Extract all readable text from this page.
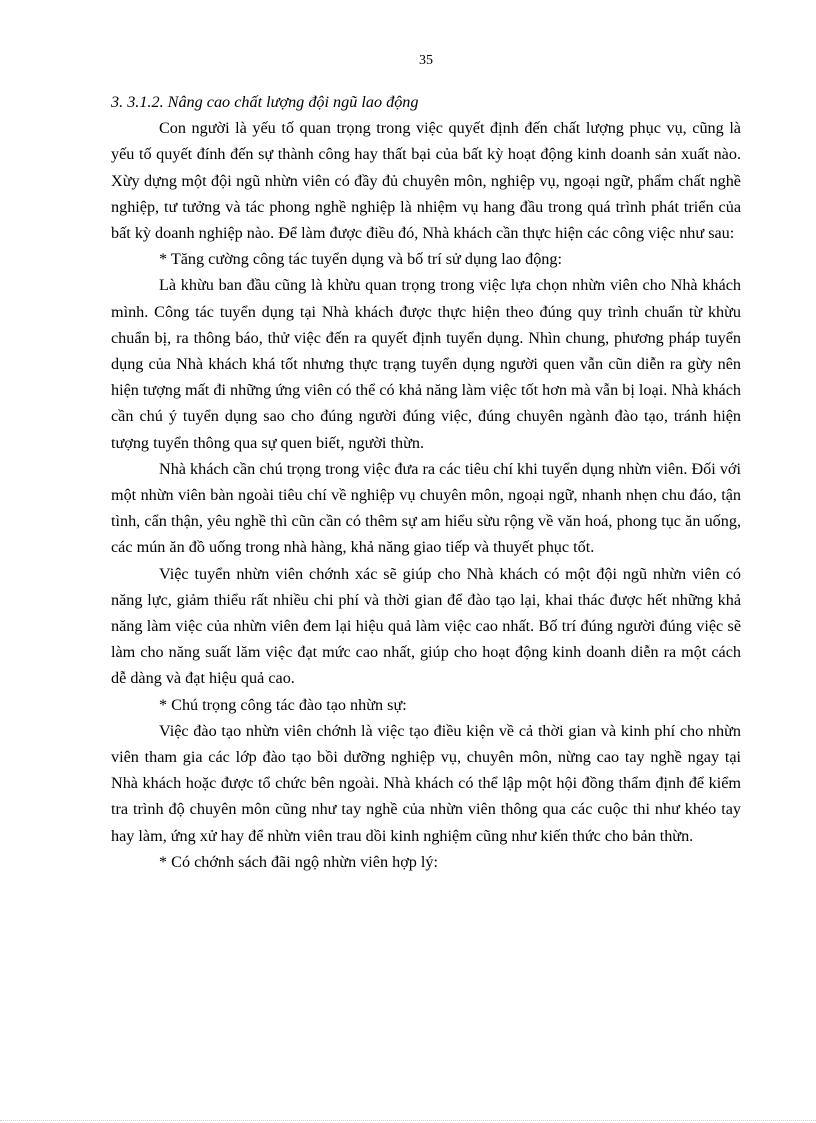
35

3. 3.1.2. Nâng cao chất lượng đội ngũ lao động

Con người là yếu tố quan trọng trong việc quyết định đến chất lượng phục vụ, cũng là yếu tố quyết đính đến sự thành công hay thất bại của bất kỳ hoạt động kinh doanh sản xuất nào. Xừy dựng một đội ngũ nhừn viên có đầy đủ chuyên môn, nghiệp vụ, ngoại ngữ, phẩm chất nghề nghiệp, tư tưởng và tác phong nghề nghiệp là nhiệm vụ hang đầu trong quá trình phát triển của bất kỳ doanh nghiệp nào. Để làm được điều đó, Nhà khách cần thực hiện các công việc như sau:

* Tăng cường công tác tuyển dụng và bố trí sử dụng lao động:

Là khừu ban đầu cũng là khừu quan trọng trong việc lựa chọn nhừn viên cho Nhà khách mình. Công tác tuyển dụng tại Nhà khách được thực hiện theo đúng quy trình chuẩn từ khừu chuẩn bị, ra thông báo, thử việc đến ra quyết định tuyển dụng. Nhìn chung, phương pháp tuyển dụng của Nhà khách khá tốt nhưng thực trạng tuyển dụng người quen vẫn cũn diễn ra gừy nên hiện tượng mất đi những ứng viên có thể có khả năng làm việc tốt hơn mà vẫn bị loại. Nhà khách cần chú ý tuyển dụng sao cho đúng người đúng việc, đúng chuyên ngành đào tạo, tránh hiện tượng tuyển thông qua sự quen biết, người thừn.

Nhà khách cần chú trọng trong việc đưa ra các tiêu chí khi tuyển dụng nhừn viên. Đối với một nhừn viên bàn ngoài tiêu chí về nghiệp vụ chuyên môn, ngoại ngữ, nhanh nhẹn chu đáo, tận tình, cẩn thận, yêu nghề thì cũn cần có thêm sự am hiểu sừu rộng về văn hoá, phong tục ăn uống, các mún ăn đồ uống trong nhà hàng, khả năng giao tiếp và thuyết phục tốt.

Việc tuyển nhừn viên chớnh xác sẽ giúp cho Nhà khách có một đội ngũ nhừn viên có năng lực, giảm thiểu rất nhiều chi phí và thời gian để đào tạo lại, khai thác được hết những khả năng làm việc của nhừn viên đem lại hiệu quả làm việc cao nhất. Bố trí đúng người đúng việc sẽ làm cho năng suất lăm việc đạt mức cao nhất, giúp cho hoạt động kinh doanh diễn ra một cách dễ dàng và đạt hiệu quả cao.

* Chú trọng công tác đào tạo nhừn sự:

Việc đào tạo nhừn viên chớnh là việc tạo điều kiện về cả thời gian và kinh phí cho nhừn viên tham gia các lớp đào tạo bồi dưỡng nghiệp vụ, chuyên môn, nừng cao tay nghề ngay tại Nhà khách hoặc được tổ chức bên ngoài. Nhà khách có thể lập một hội đồng thẩm định để kiểm tra trình độ chuyên môn cũng như tay nghề của nhừn viên thông qua các cuộc thi như khéo tay hay làm, ứng xử hay để nhừn viên trau dồi kinh nghiệm cũng như kiến thức cho bản thừn.

* Có chớnh sách đãi ngộ nhừn viên hợp lý:
